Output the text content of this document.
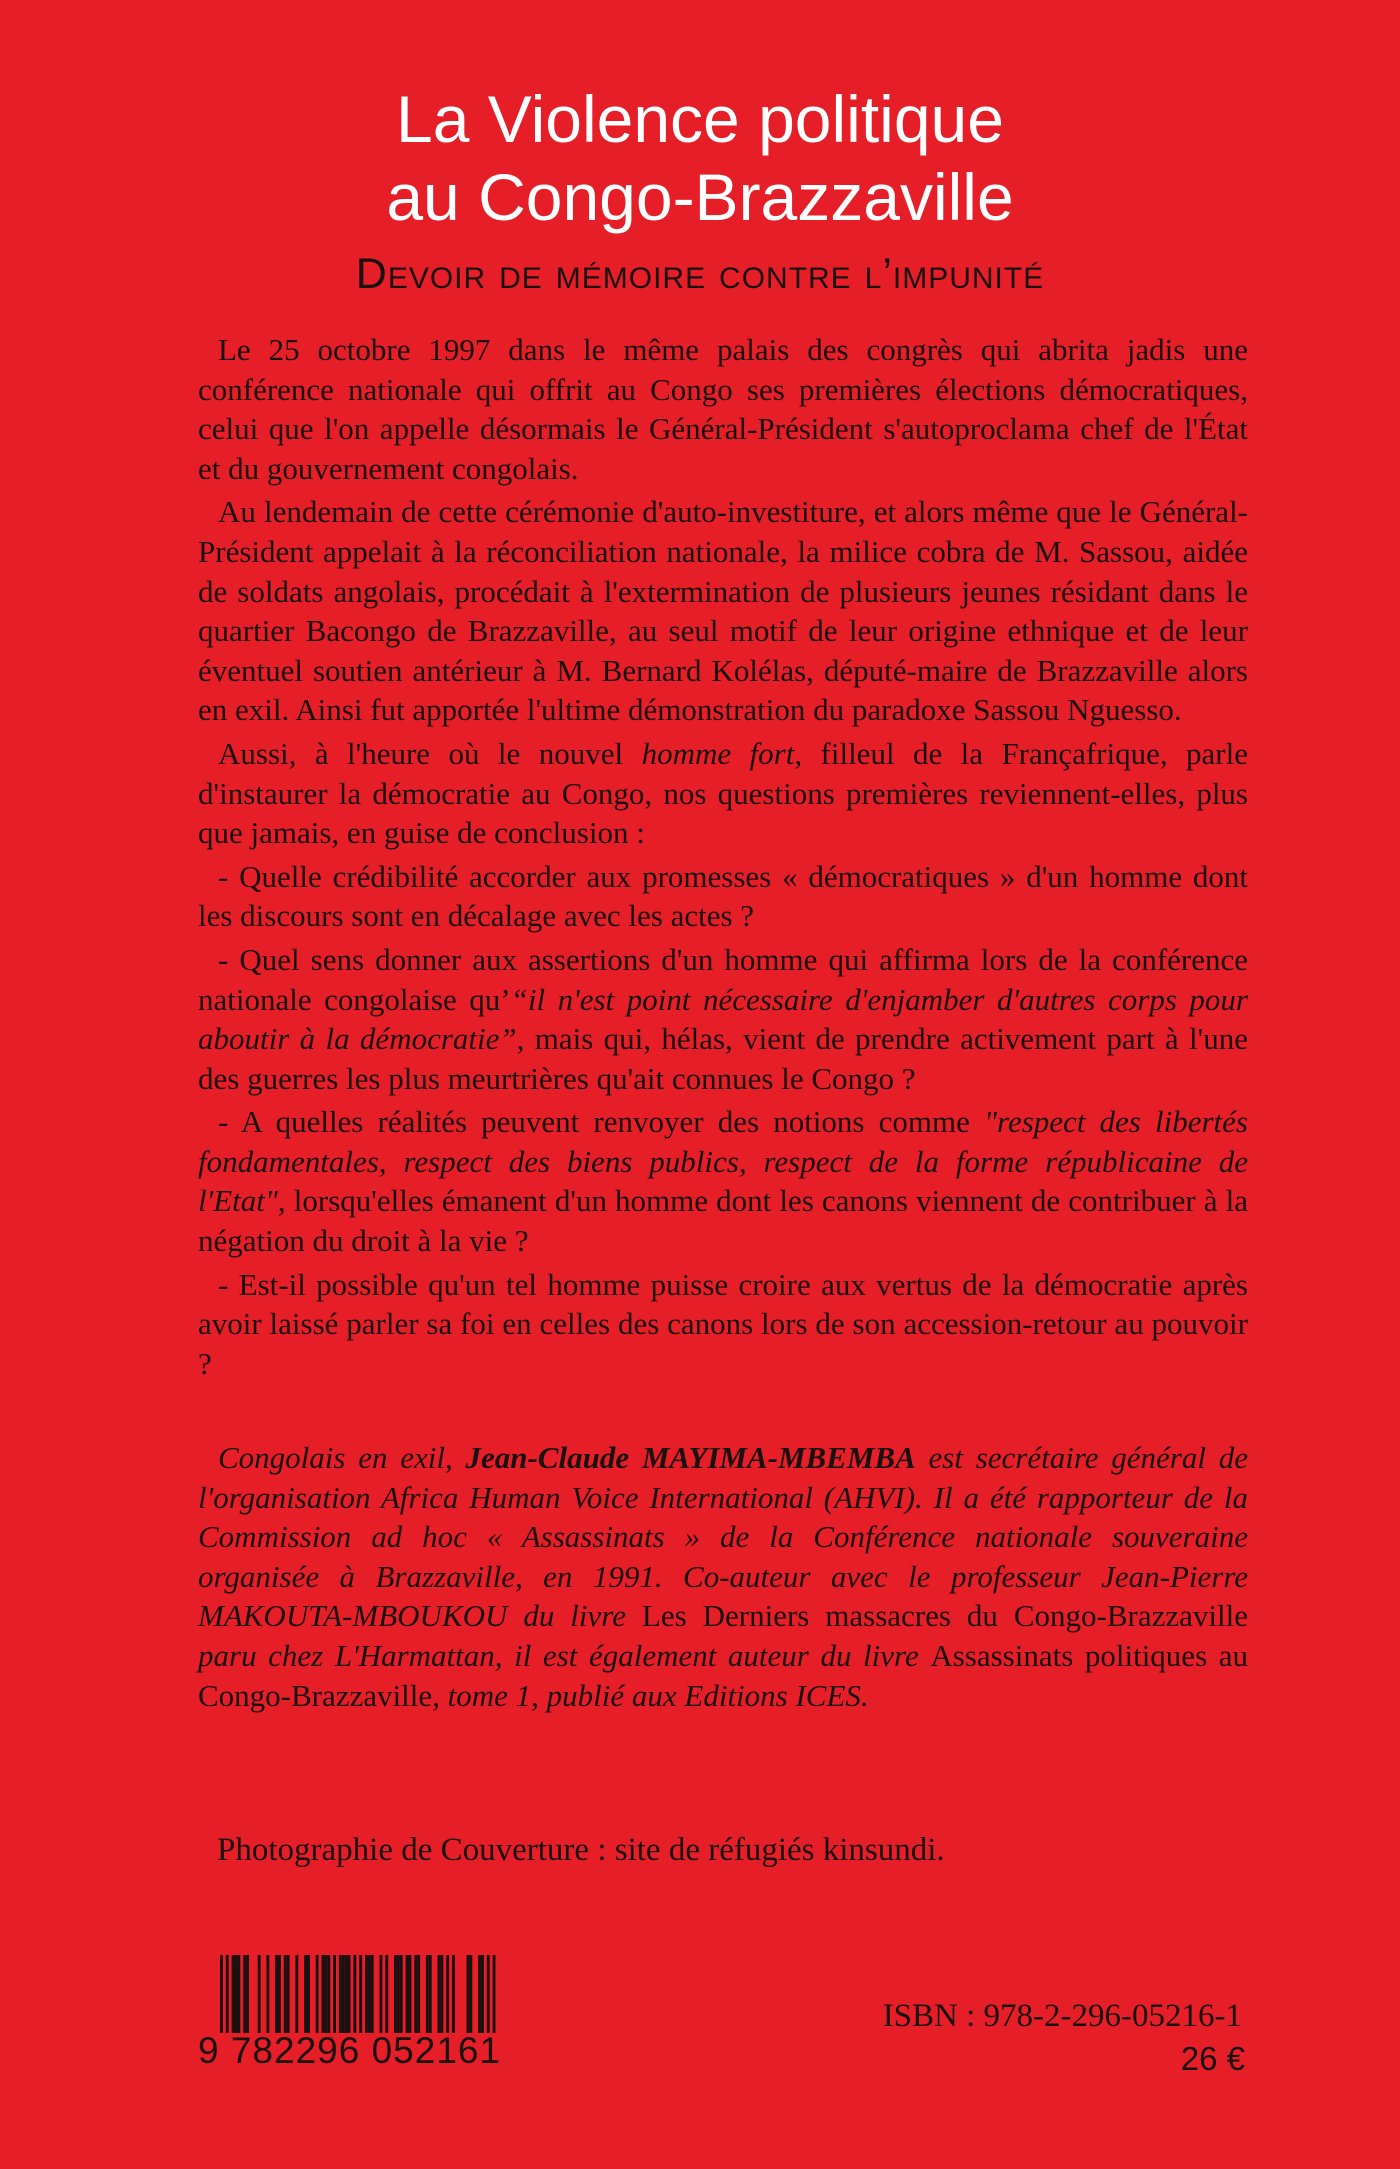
La Violence politique
au Congo-Brazzaville
Devoir de mémoire contre l’impunité

Le 25 octobre 1997 dans le même palais des congrès qui abrita jadis une conférence nationale qui offrit au Congo ses premières élections démocratiques, celui que l'on appelle désormais le Général-Président s'autoproclama chef de l'État et du gouvernement congolais.

Au lendemain de cette cérémonie d'auto-investiture, et alors même que le Général-Président appelait à la réconciliation nationale, la milice cobra de M. Sassou, aidée de soldats angolais, procédait à l'extermination de plusieurs jeunes résidant dans le quartier Bacongo de Brazzaville, au seul motif de leur origine ethnique et de leur éventuel soutien antérieur à M. Bernard Kolélas, député-maire de Brazzaville alors en exil. Ainsi fut apportée l'ultime démonstration du paradoxe Sassou Nguesso.

Aussi, à l'heure où le nouvel homme fort, filleul de la Françafrique, parle d'instaurer la démocratie au Congo, nos questions premières reviennent-elles, plus que jamais, en guise de conclusion :

- Quelle crédibilité accorder aux promesses « démocratiques » d'un homme dont les discours sont en décalage avec les actes ?

- Quel sens donner aux assertions d'un homme qui affirma lors de la conférence nationale congolaise qu’“il n'est point nécessaire d'enjamber d'autres corps pour aboutir à la démocratie”, mais qui, hélas, vient de prendre activement part à l'une des guerres les plus meurtrières qu'ait connues le Congo ?

- A quelles réalités peuvent renvoyer des notions comme "respect des libertés fondamentales, respect des biens publics, respect de la forme républicaine de l'Etat", lorsqu'elles émanent d'un homme dont les canons viennent de contribuer à la négation du droit à la vie ?

- Est-il possible qu'un tel homme puisse croire aux vertus de la démocratie après avoir laissé parler sa foi en celles des canons lors de son accession-retour au pouvoir ?

Congolais en exil, Jean-Claude MAYIMA-MBEMBA est secrétaire général de l'organisation Africa Human Voice International (AHVI). Il a été rapporteur de la Commission ad hoc « Assassinats » de la Conférence nationale souveraine organisée à Brazzaville, en 1991. Co-auteur avec le professeur Jean-Pierre MAKOUTA-MBOUKOU du livre Les Derniers massacres du Congo-Brazzaville paru chez L'Harmattan, il est également auteur du livre Assassinats politiques au Congo-Brazzaville, tome 1, publié aux Editions ICES.

Photographie de Couverture : site de réfugiés kinsundi.
9 782296 052161
ISBN : 978-2-296-05216-1
26 €
